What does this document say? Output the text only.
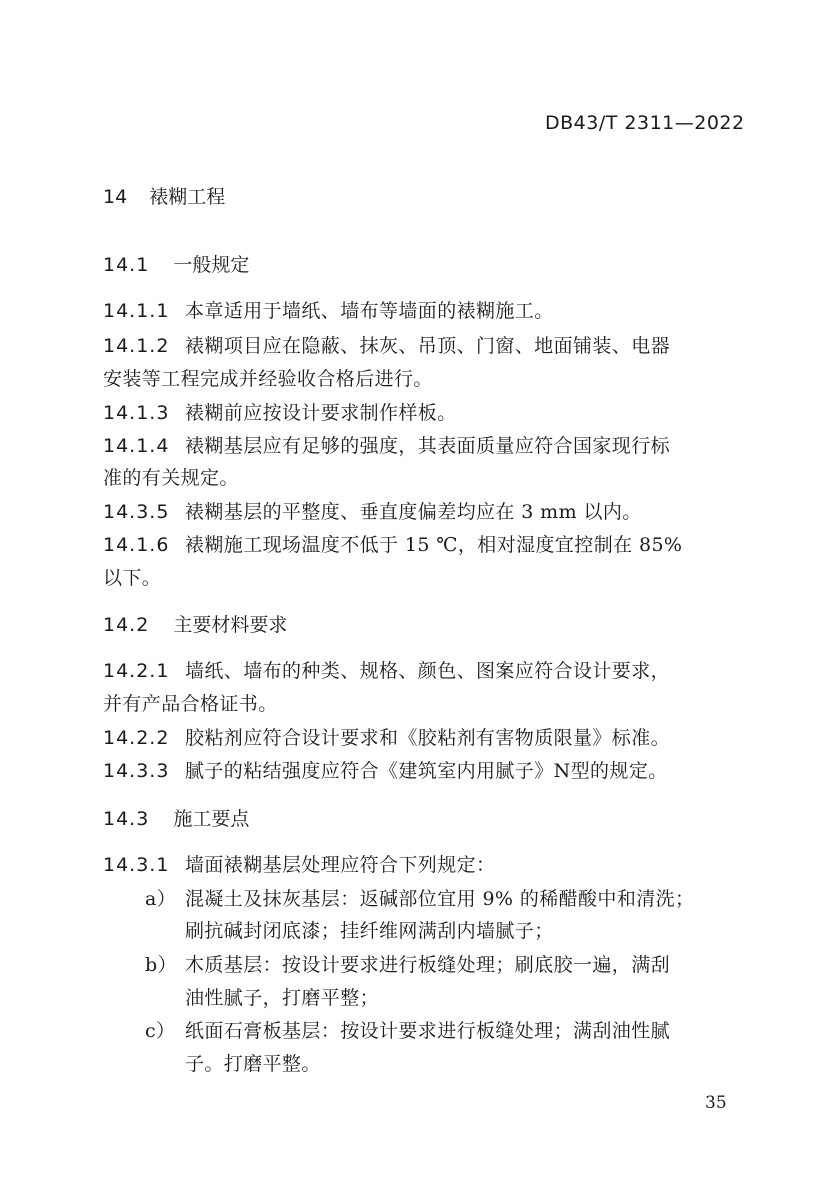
DB43/T 2311—2022
14 裱糊工程
14.1 一般规定
14.1.1 本章适用于墙纸、墙布等墙面的裱糊施工。
14.1.2 裱糊项目应在隐蔽、抹灰、吊顶、门窗、地面铺装、电器
安装等工程完成并经验收合格后进行。
14.1.3 裱糊前应按设计要求制作样板。
14.1.4 裱糊基层应有足够的强度，其表面质量应符合国家现行标
准的有关规定。
14.3.5 裱糊基层的平整度、垂直度偏差均应在 3 mm 以内。
14.1.6 裱糊施工现场温度不低于 15 ℃，相对湿度宜控制在 85%
以下。
14.2 主要材料要求
14.2.1 墙纸、墙布的种类、规格、颜色、图案应符合设计要求，
并有产品合格证书。
14.2.2 胶粘剂应符合设计要求和《胶粘剂有害物质限量》标准。
14.3.3 腻子的粘结强度应符合《建筑室内用腻子》N型的规定。
14.3 施工要点
14.3.1 墙面裱糊基层处理应符合下列规定：
a） 混凝土及抹灰基层：返碱部位宜用 9% 的稀醋酸中和清洗；
刷抗碱封闭底漆；挂纤维网满刮内墙腻子；
b） 木质基层：按设计要求进行板缝处理；刷底胶一遍，满刮
油性腻子，打磨平整；
c） 纸面石膏板基层：按设计要求进行板缝处理；满刮油性腻
子。打磨平整。
35
